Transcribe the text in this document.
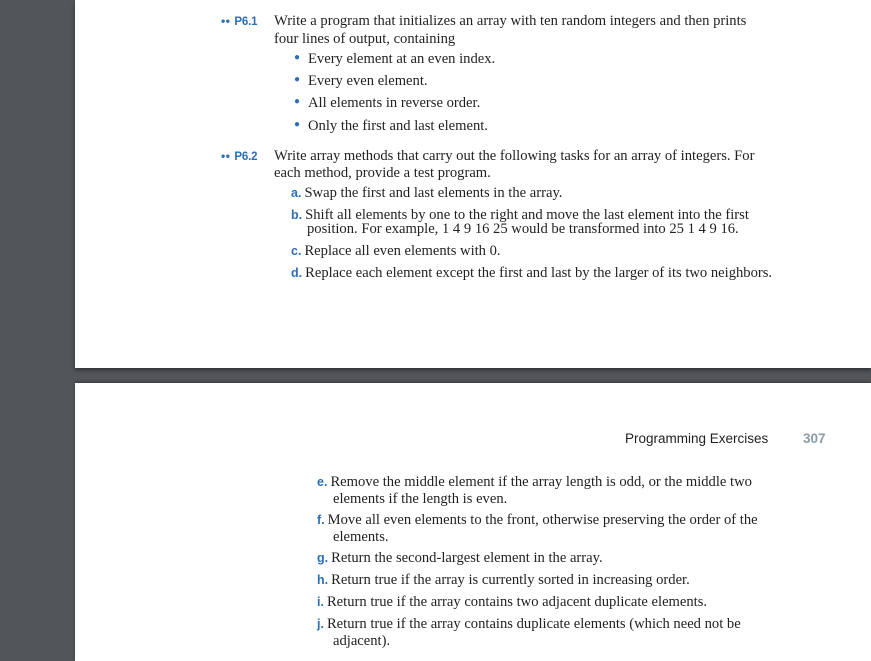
•• P6.1 Write a program that initializes an array with ten random integers and then prints
four lines of output, containing
● Every element at an even index.
● Every even element.
● All elements in reverse order.
● Only the first and last element.
•• P6.2 Write array methods that carry out the following tasks for an array of integers. For
each method, provide a test program.
a. Swap the first and last elements in the array.
b. Shift all elements by one to the right and move the last element into the first
position. For example, 1 4 9 16 25 would be transformed into 25 1 4 9 16.
c. Replace all even elements with 0.
d. Replace each element except the first and last by the larger of its two neighbors.
Programming Exercises	307
e. Remove the middle element if the array length is odd, or the middle two
elements if the length is even.
f. Move all even elements to the front, otherwise preserving the order of the
elements.
g. Return the second-largest element in the array.
h. Return true if the array is currently sorted in increasing order.
i. Return true if the array contains two adjacent duplicate elements.
j. Return true if the array contains duplicate elements (which need not be
adjacent).
